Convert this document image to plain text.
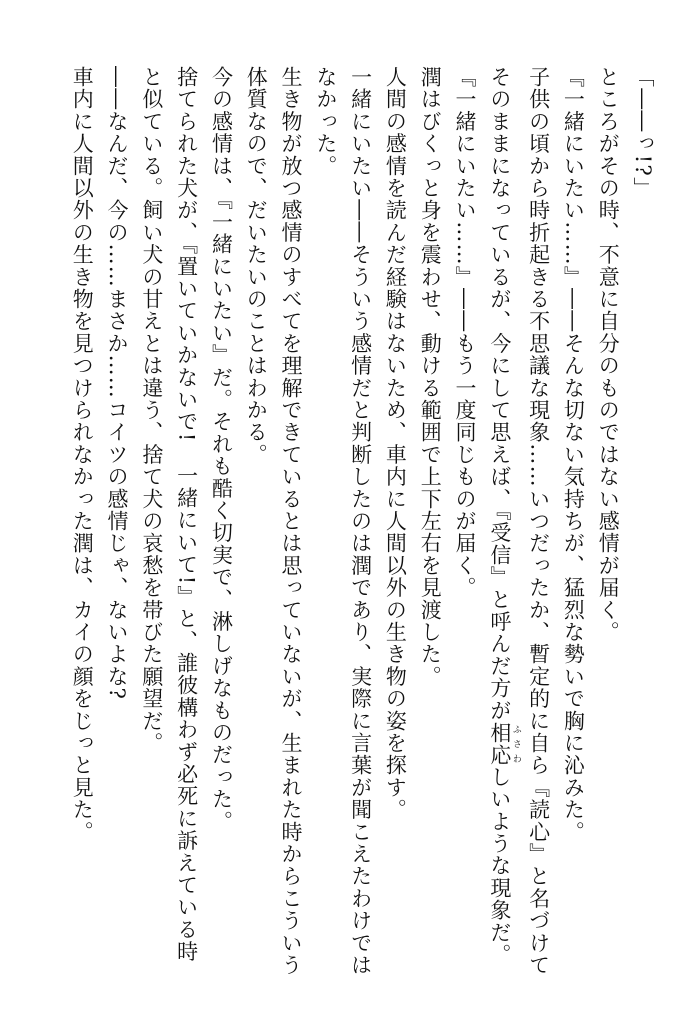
「――っ!?」
ところがその時、不意に自分のものではない感情が届く。
『一緒にいたい……』――そんな切ない気持ちが、猛烈な勢いで胸に沁みた。
子供の頃から時折起きる不思議な現象……いつだったか、暫定的に自ら『読心』と名づけて
そのままになっているが、今にして思えば、『受信』と呼んだ方が相応 ふさわしいような現象だ。
『一緒にいたい……』――もう一度同じものが届く。
潤はびくっと身を震わせ、動ける範囲で上下左右を見渡した。
人間の感情を読んだ経験はないため、車内に人間以外の生き物の姿を探す。
一緒にいたい――そういう感情だと判断したのは潤であり、実際に言葉が聞こえたわけでは
なかった。
生き物が放つ感情のすべてを理解できているとは思っていないが、生まれた時からこういう
体質なので、だいたいのことはわかる。
今の感情は、『一緒にいたい』だ。それも酷く切実で、淋しげなものだった。
捨てられた犬が、『置いていかないで!　一緒にいて!』と、誰彼構わず必死に訴えている時
と似ている。飼い犬の甘えとは違う、捨て犬の哀愁を帯びた願望だ。
――なんだ、今の……まさか……コイツの感情じゃ、ないよな?
車内に人間以外の生き物を見つけられなかった潤は、カイの顔をじっと見た。
